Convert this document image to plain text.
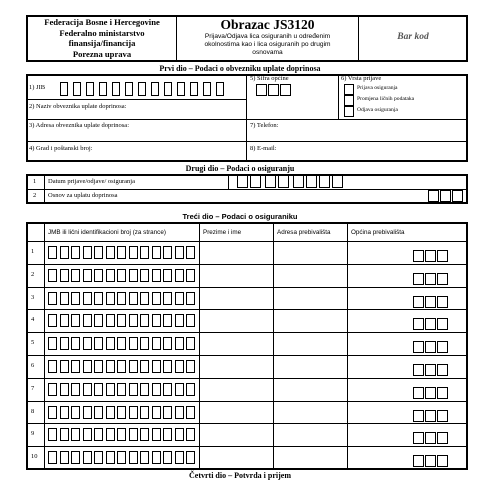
Federacija Bosne i Hercegovine
Federalno ministarstvo
finansija/financija
Porezna uprava
Obrazac JS3120
Prijava/Odjava lica osiguranih u određenim
okolnostima kao i lica osiguranih po drugim
osnovama
Bar kod
Prvi dio – Podaci o obvezniku uplate doprinosa
1) JIB
5) Šifra općine	6) Vrsta prijave
Prijava osiguranja
Promjena ličnih podataka
Odjava osiguranja
2) Naziv obveznika uplate doprinosa:
3) Adresa obveznika uplate doprinosa:	7) Telefon:
4) Grad i poštanski broj:	8) E-mail:
Drugi dio – Podaci o osiguranju
1 Datum prijave/odjave/ osiguranja
2 Osnov za uplatu doprinosa
Treći dio – Podaci o osiguraniku
JMB ili lični identifikacioni broj (za strance)	Prezime i ime	Adresa prebivališta	Općina prebivališta
Četvrti dio – Potvrda i prijem
1
2
3
4
5
6
7
8
9
10
